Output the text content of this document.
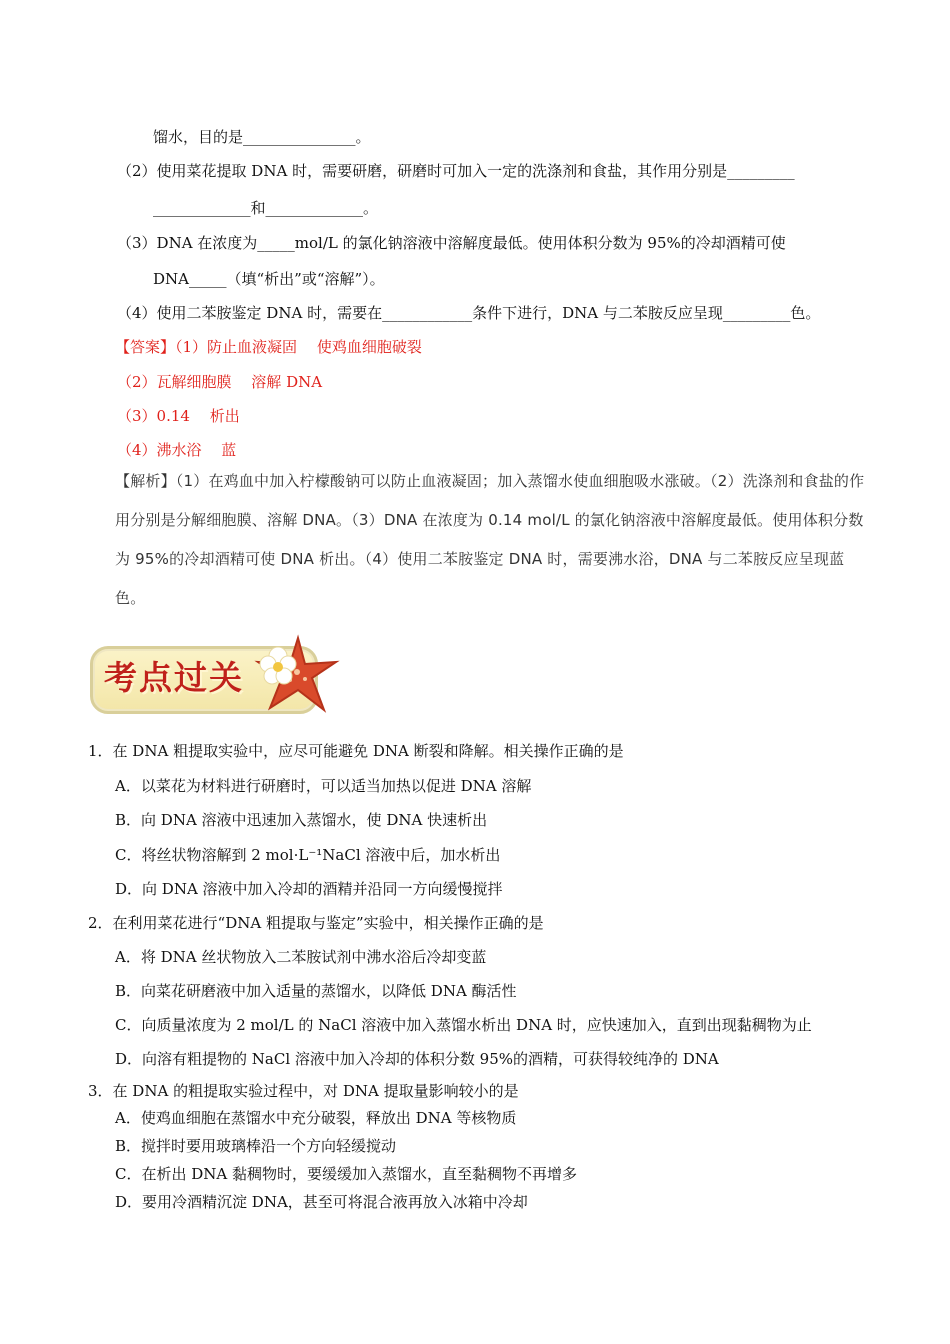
馏水，目的是_______________。
（2）使用菜花提取 DNA 时，需要研磨，研磨时可加入一定的洗涤剂和食盐，其作用分别是_________
_____________和_____________。
（3）DNA 在浓度为_____mol/L 的氯化钠溶液中溶解度最低。使用体积分数为 95%的冷却酒精可使
DNA_____（填“析出”或“溶解”）。
（4）使用二苯胺鉴定 DNA 时，需要在____________条件下进行，DNA 与二苯胺反应呈现_________色。
【答案】（1）防止血液凝固　 使鸡血细胞破裂
（2）瓦解细胞膜　 溶解 DNA
（3）0.14　 析出
（4）沸水浴　 蓝
【解析】（1）在鸡血中加入柠檬酸钠可以防止血液凝固；加入蒸馏水使血细胞吸水涨破。（2）洗涤剂和食盐的作用分别是分解细胞膜、溶解 DNA。（3）DNA 在浓度为 0.14 mol/L 的氯化钠溶液中溶解度最低。使用体积分数为 95%的冷却酒精可使 DNA 析出。（4）使用二苯胺鉴定 DNA 时，需要沸水浴，DNA 与二苯胺反应呈现蓝色。
考点过关
1．在 DNA 粗提取实验中，应尽可能避免 DNA 断裂和降解。相关操作正确的是
A．以菜花为材料进行研磨时，可以适当加热以促进 DNA 溶解
B．向 DNA 溶液中迅速加入蒸馏水，使 DNA 快速析出
C．将丝状物溶解到 2 mol·L⁻¹NaCl 溶液中后，加水析出
D．向 DNA 溶液中加入冷却的酒精并沿同一方向缓慢搅拌
2．在利用菜花进行“DNA 粗提取与鉴定”实验中，相关操作正确的是
A．将 DNA 丝状物放入二苯胺试剂中沸水浴后冷却变蓝
B．向菜花研磨液中加入适量的蒸馏水，以降低 DNA 酶活性
C．向质量浓度为 2 mol/L 的 NaCl 溶液中加入蒸馏水析出 DNA 时，应快速加入，直到出现黏稠物为止
D．向溶有粗提物的 NaCl 溶液中加入冷却的体积分数 95%的酒精，可获得较纯净的 DNA
3．在 DNA 的粗提取实验过程中，对 DNA 提取量影响较小的是
A．使鸡血细胞在蒸馏水中充分破裂，释放出 DNA 等核物质
B．搅拌时要用玻璃棒沿一个方向轻缓搅动
C．在析出 DNA 黏稠物时，要缓缓加入蒸馏水，直至黏稠物不再增多
D．要用冷酒精沉淀 DNA，甚至可将混合液再放入冰箱中冷却
